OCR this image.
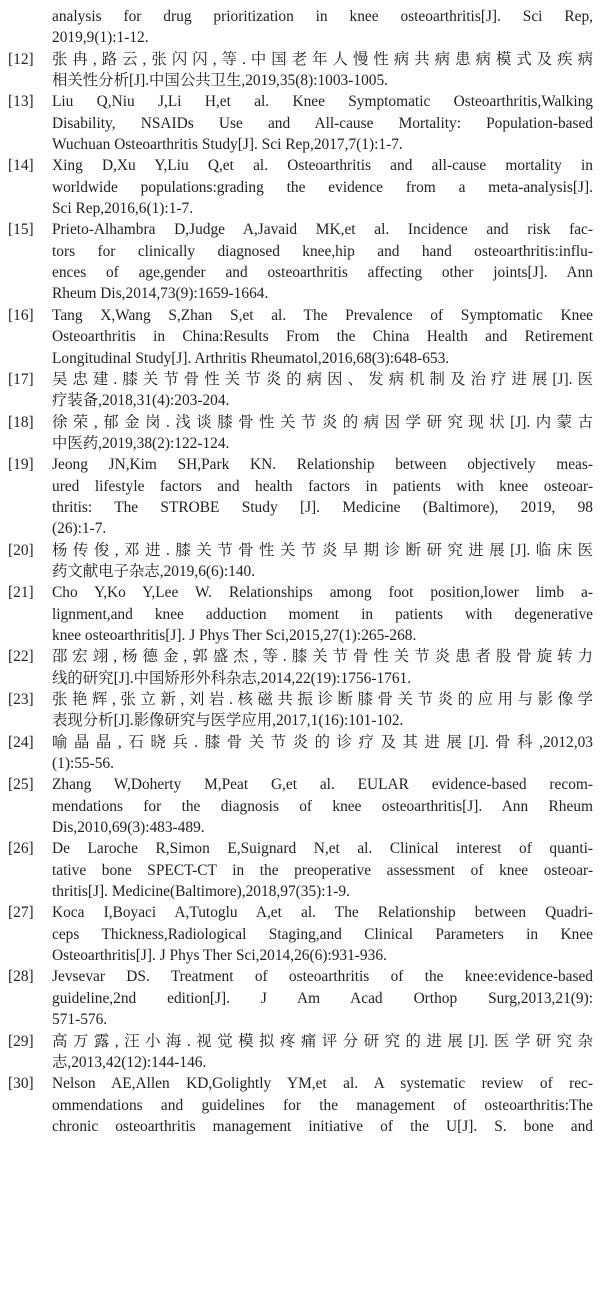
analysis for drug prioritization in knee osteoarthritis[J]. Sci Rep,
2019,9(1):1-12.
[12]	张冉,路云,张闪闪,等.中国老年人慢性病共病患病模式及疾病
相关性分析[J].中国公共卫生,2019,35(8):1003-1005.
[13]	Liu Q,Niu J,Li H,et al. Knee Symptomatic Osteoarthritis,Walking
Disability, NSAIDs Use and All-cause Mortality: Population-based
Wuchuan Osteoarthritis Study[J]. Sci Rep,2017,7(1):1-7.
[14]	Xing D,Xu Y,Liu Q,et al. Osteoarthritis and all-cause mortality in
worldwide populations:grading the evidence from a meta-analysis[J].
Sci Rep,2016,6(1):1-7.
[15]	Prieto-Alhambra D,Judge A,Javaid MK,et al. Incidence and risk fac-
tors for clinically diagnosed knee,hip and hand osteoarthritis:influ-
ences of age,gender and osteoarthritis affecting other joints[J]. Ann
Rheum Dis,2014,73(9):1659-1664.
[16]	Tang X,Wang S,Zhan S,et al. The Prevalence of Symptomatic Knee
Osteoarthritis in China:Results From the China Health and Retirement
Longitudinal Study[J]. Arthritis Rheumatol,2016,68(3):648-653.
[17]	吴忠建.膝关节骨性关节炎的病因、发病机制及治疗进展[J].医
疗装备,2018,31(4):203-204.
[18]	徐荣,郁金岗.浅谈膝骨性关节炎的病因学研究现状[J].内蒙古
中医药,2019,38(2):122-124.
[19]	Jeong JN,Kim SH,Park KN. Relationship between objectively meas-
ured lifestyle factors and health factors in patients with knee osteoar-
thritis: The STROBE Study [J]. Medicine (Baltimore), 2019, 98
(26):1-7.
[20]	杨传俊,邓进.膝关节骨性关节炎早期诊断研究进展[J].临床医
药文献电子杂志,2019,6(6):140.
[21]	Cho Y,Ko Y,Lee W. Relationships among foot position,lower limb a-
lignment,and knee adduction moment in patients with degenerative
knee osteoarthritis[J]. J Phys Ther Sci,2015,27(1):265-268.
[22]	邵宏翊,杨德金,郭盛杰,等.膝关节骨性关节炎患者股骨旋转力
线的研究[J].中国矫形外科杂志,2014,22(19):1756-1761.
[23]	张艳辉,张立新,刘岩.核磁共振诊断膝骨关节炎的应用与影像学
表现分析[J].影像研究与医学应用,2017,1(16):101-102.
[24]	喻晶晶,石晓兵.膝骨关节炎的诊疗及其进展[J].骨科,2012,03
(1):55-56.
[25]	Zhang W,Doherty M,Peat G,et al. EULAR evidence-based recom-
mendations for the diagnosis of knee osteoarthritis[J]. Ann Rheum
Dis,2010,69(3):483-489.
[26]	De Laroche R,Simon E,Suignard N,et al. Clinical interest of quanti-
tative bone SPECT-CT in the preoperative assessment of knee osteoar-
thritis[J]. Medicine(Baltimore),2018,97(35):1-9.
[27]	Koca I,Boyaci A,Tutoglu A,et al. The Relationship between Quadri-
ceps Thickness,Radiological Staging,and Clinical Parameters in Knee
Osteoarthritis[J]. J Phys Ther Sci,2014,26(6):931-936.
[28]	Jevsevar DS. Treatment of osteoarthritis of the knee:evidence-based
guideline,2nd edition[J]. J Am Acad Orthop Surg,2013,21(9):
571-576.
[29]	高万露,汪小海.视觉模拟疼痛评分研究的进展[J].医学研究杂
志,2013,42(12):144-146.
[30]	Nelson AE,Allen KD,Golightly YM,et al. A systematic review of rec-
ommendations and guidelines for the management of osteoarthritis:The
chronic osteoarthritis management initiative of the U[J]. S. bone and
